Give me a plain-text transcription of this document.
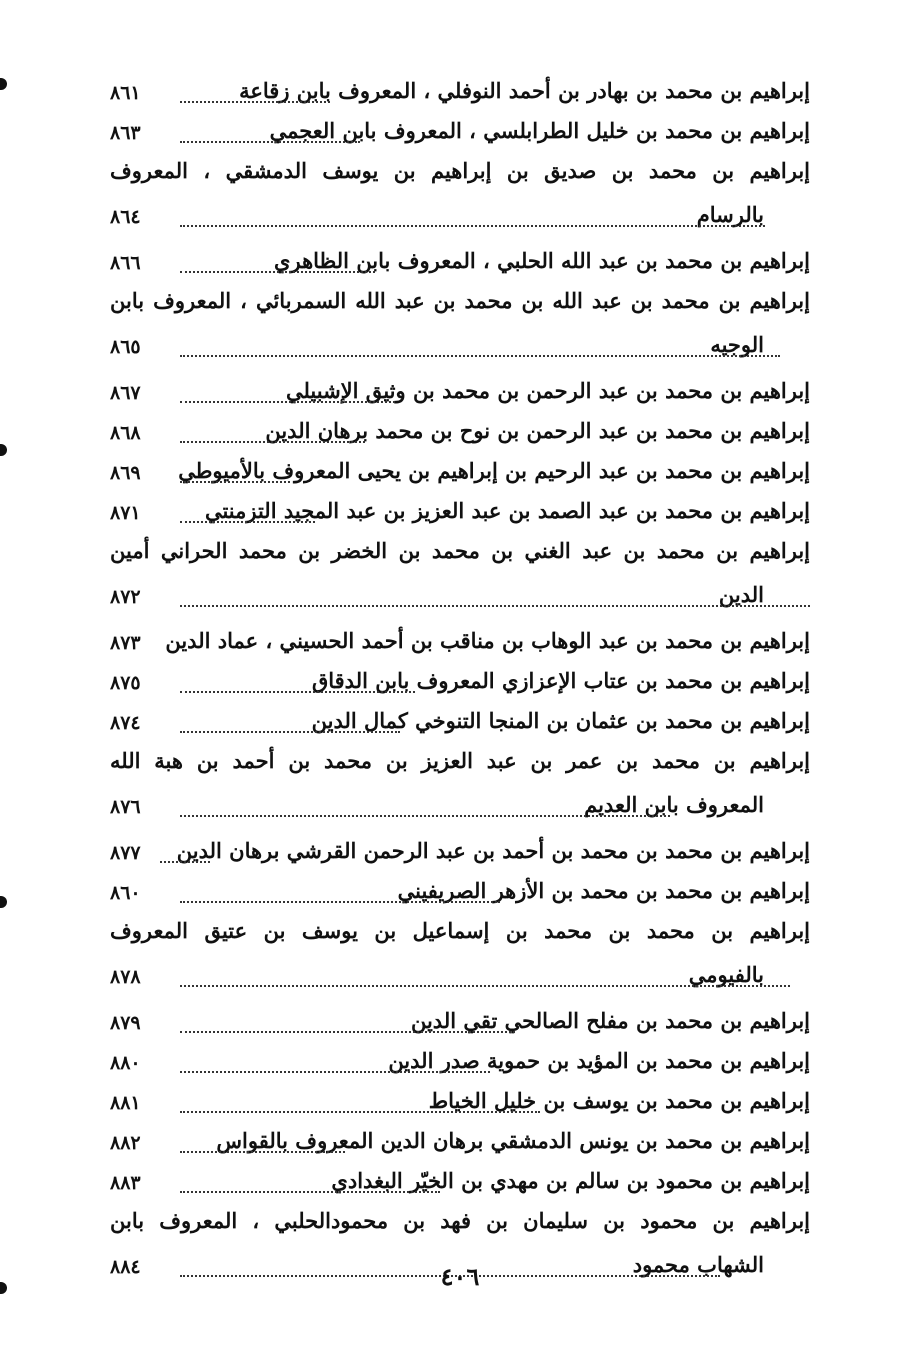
إبراهيم بن محمد بن بهادر بن أحمد النوفلي ، المعروف بابن زقاعة
٨٦١
إبراهيم بن محمد بن خليل الطرابلسي ، المعروف بابن العجمي
٨٦٣
إبراهيم بن محمد بن صديق بن إبراهيم بن يوسف الدمشقي ، المعروف
بالرسام
٨٦٤
إبراهيم بن محمد بن عبد الله الحلبي ، المعروف بابن الظاهري
٨٦٦
إبراهيم بن محمد بن عبد الله بن محمد بن عبد الله السمربائي ، المعروف بابن
الوجيه
٨٦٥
إبراهيم بن محمد بن عبد الرحمن بن محمد بن وثيق الإشبيلي
٨٦٧
إبراهيم بن محمد بن عبد الرحمن بن نوح بن محمد برهان الدين
٨٦٨
إبراهيم بن محمد بن عبد الرحيم بن إبراهيم بن يحيى المعروف بالأميوطي
٨٦٩
إبراهيم بن محمد بن عبد الصمد بن عبد العزيز بن عبد المجيد التزمنتي
٨٧١
إبراهيم بن محمد بن عبد الغني بن محمد بن الخضر بن محمد الحراني أمين
الدين
٨٧٢
إبراهيم بن محمد بن عبد الوهاب بن مناقب بن أحمد الحسيني ، عماد الدين
٨٧٣
إبراهيم بن محمد بن عتاب الإعزازي المعروف بابن الدقاق
٨٧٥
إبراهيم بن محمد بن عثمان بن المنجا التنوخي كمال الدين
٨٧٤
إبراهيم بن محمد بن عمر بن عبد العزيز بن محمد بن أحمد بن هبة الله
المعروف بابن العديم
٨٧٦
إبراهيم بن محمد بن محمد بن أحمد بن عبد الرحمن القرشي برهان الدين
٨٧٧
إبراهيم بن محمد بن محمد بن الأزهر الصريفيني
٨٦٠
إبراهيم بن محمد بن محمد بن إسماعيل بن يوسف بن عتيق المعروف
بالفيومي
٨٧٨
إبراهيم بن محمد بن مفلح الصالحي تقي الدين
٨٧٩
إبراهيم بن محمد بن المؤيد بن حموية صدر الدين
٨٨٠
إبراهيم بن محمد بن يوسف بن خليل الخياط
٨٨١
إبراهيم بن محمد بن يونس الدمشقي برهان الدين المعروف بالقواس
٨٨٢
إبراهيم بن محمود بن سالم بن مهدي بن الخيّر البغدادي
٨٨٣
إبراهيم بن محمود بن سليمان بن فهد بن محمودالحلبي ، المعروف بابن
الشهاب محمود
٨٨٤	٤٠٦
